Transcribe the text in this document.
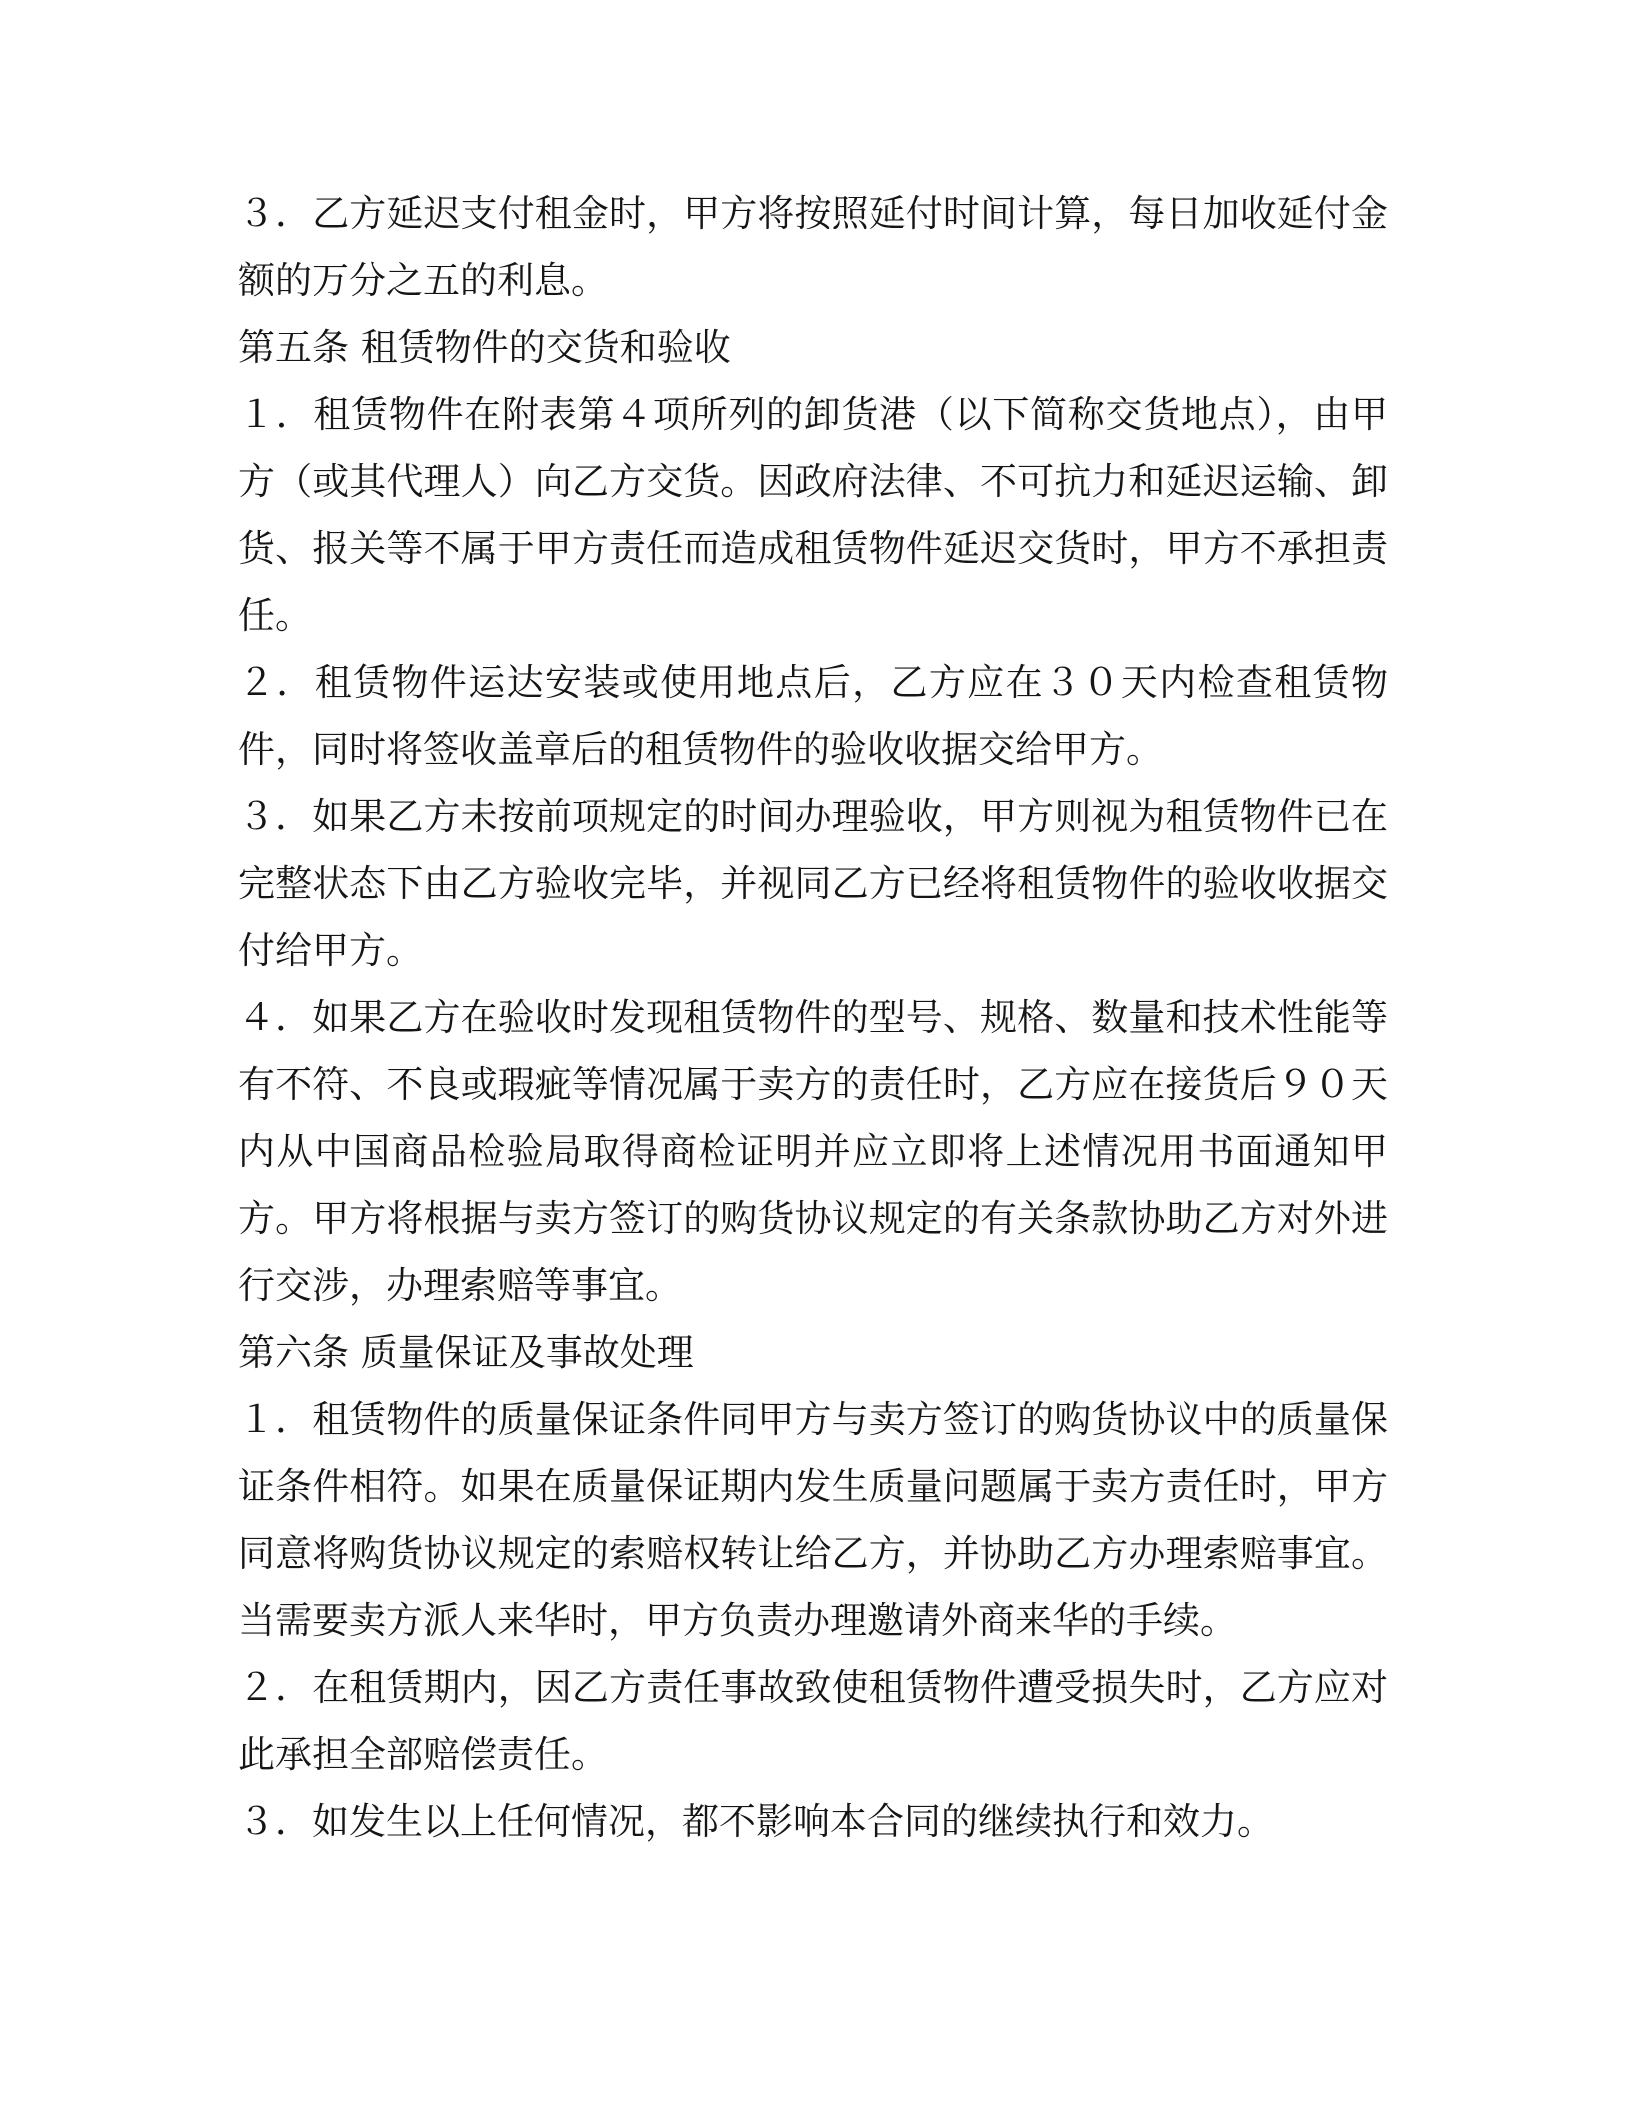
３．乙方延迟支付租金时，甲方将按照延付时间计算，每日加收延付金额的万分之五的利息。

第五条 租赁物件的交货和验收

１．租赁物件在附表第４项所列的卸货港（以下简称交货地点），由甲方（或其代理人）向乙方交货。因政府法律、不可抗力和延迟运输、卸货、报关等不属于甲方责任而造成租赁物件延迟交货时，甲方不承担责任。

２．租赁物件运达安装或使用地点后，乙方应在３０天内检查租赁物件，同时将签收盖章后的租赁物件的验收收据交给甲方。

３．如果乙方未按前项规定的时间办理验收，甲方则视为租赁物件已在完整状态下由乙方验收完毕，并视同乙方已经将租赁物件的验收收据交付给甲方。

４．如果乙方在验收时发现租赁物件的型号、规格、数量和技术性能等有不符、不良或瑕疵等情况属于卖方的责任时，乙方应在接货后９０天内从中国商品检验局取得商检证明并应立即将上述情况用书面通知甲方。甲方将根据与卖方签订的购货协议规定的有关条款协助乙方对外进行交涉，办理索赔等事宜。

第六条 质量保证及事故处理

１．租赁物件的质量保证条件同甲方与卖方签订的购货协议中的质量保证条件相符。如果在质量保证期内发生质量问题属于卖方责任时，甲方同意将购货协议规定的索赔权转让给乙方，并协助乙方办理索赔事宜。当需要卖方派人来华时，甲方负责办理邀请外商来华的手续。

２．在租赁期内，因乙方责任事故致使租赁物件遭受损失时，乙方应对此承担全部赔偿责任。

３．如发生以上任何情况，都不影响本合同的继续执行和效力。
